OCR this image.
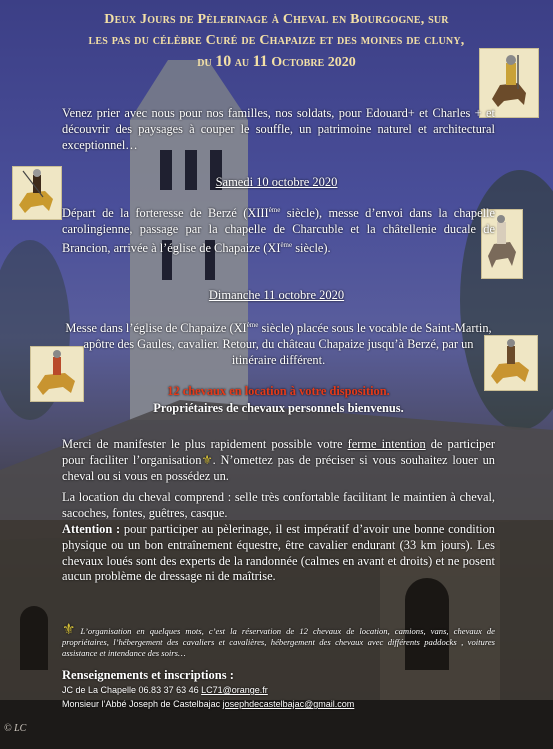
Deux Jours de Pèlerinage à Cheval en Bourgogne, sur
les pas du célèbre Curé de Chapaize et des moines de cluny,
du 10 au 11 Octobre 2020
Venez prier avec nous pour nos familles, nos soldats, pour Edouard+ et Charles + et découvrir des paysages à couper le souffle, un patrimoine naturel et architectural exceptionnel…
Samedi 10 octobre 2020
Départ de la forteresse de Berzé (XIIIème siècle), messe d’envoi dans la chapelle carolingienne, passage par la chapelle de Charcuble et la châtellenie ducale de Brancion, arrivée à l’église de Chapaize (XIème siècle).
Dimanche 11 octobre 2020
Messe dans l’église de Chapaize (XIème siècle) placée sous le vocable de Saint-Martin, apôtre des Gaules, cavalier. Retour, du château Chapaize jusqu’à Berzé, par un itinéraire différent.
12 chevaux en location à votre disposition.
Propriétaires de chevaux personnels bienvenus.
Merci de manifester le plus rapidement possible votre ferme intention de participer pour faciliter l’organisation⚜. N’omettez pas de préciser si vous souhaitez louer un cheval ou si vous en possédez un.
La location du cheval comprend : selle très confortable facilitant le maintien à cheval, sacoches, fontes, guêtres, casque.
Attention : pour participer au pèlerinage, il est impératif d’avoir une bonne condition physique ou un bon entraînement équestre, être cavalier endurant (33 km jours). Les chevaux loués sont des experts de la randonnée (calmes en avant et droits) et ne posent aucun problème de dressage ni de maîtrise.
⚜ L’organisation en quelques mots, c’est la réservation de 12 chevaux de location, camions, vans, chevaux de propriétaires, l’hébergement des cavaliers et cavalières, hébergement des chevaux avec différents paddocks , voitures assistance et intendance des soirs…
Renseignements et inscriptions :
JC de La Chapelle 06.83 37 63 46 LC71@orange.fr
Monsieur l’Abbé Joseph de Castelbajac josephdecastelbajac@gmail.com
© LC
